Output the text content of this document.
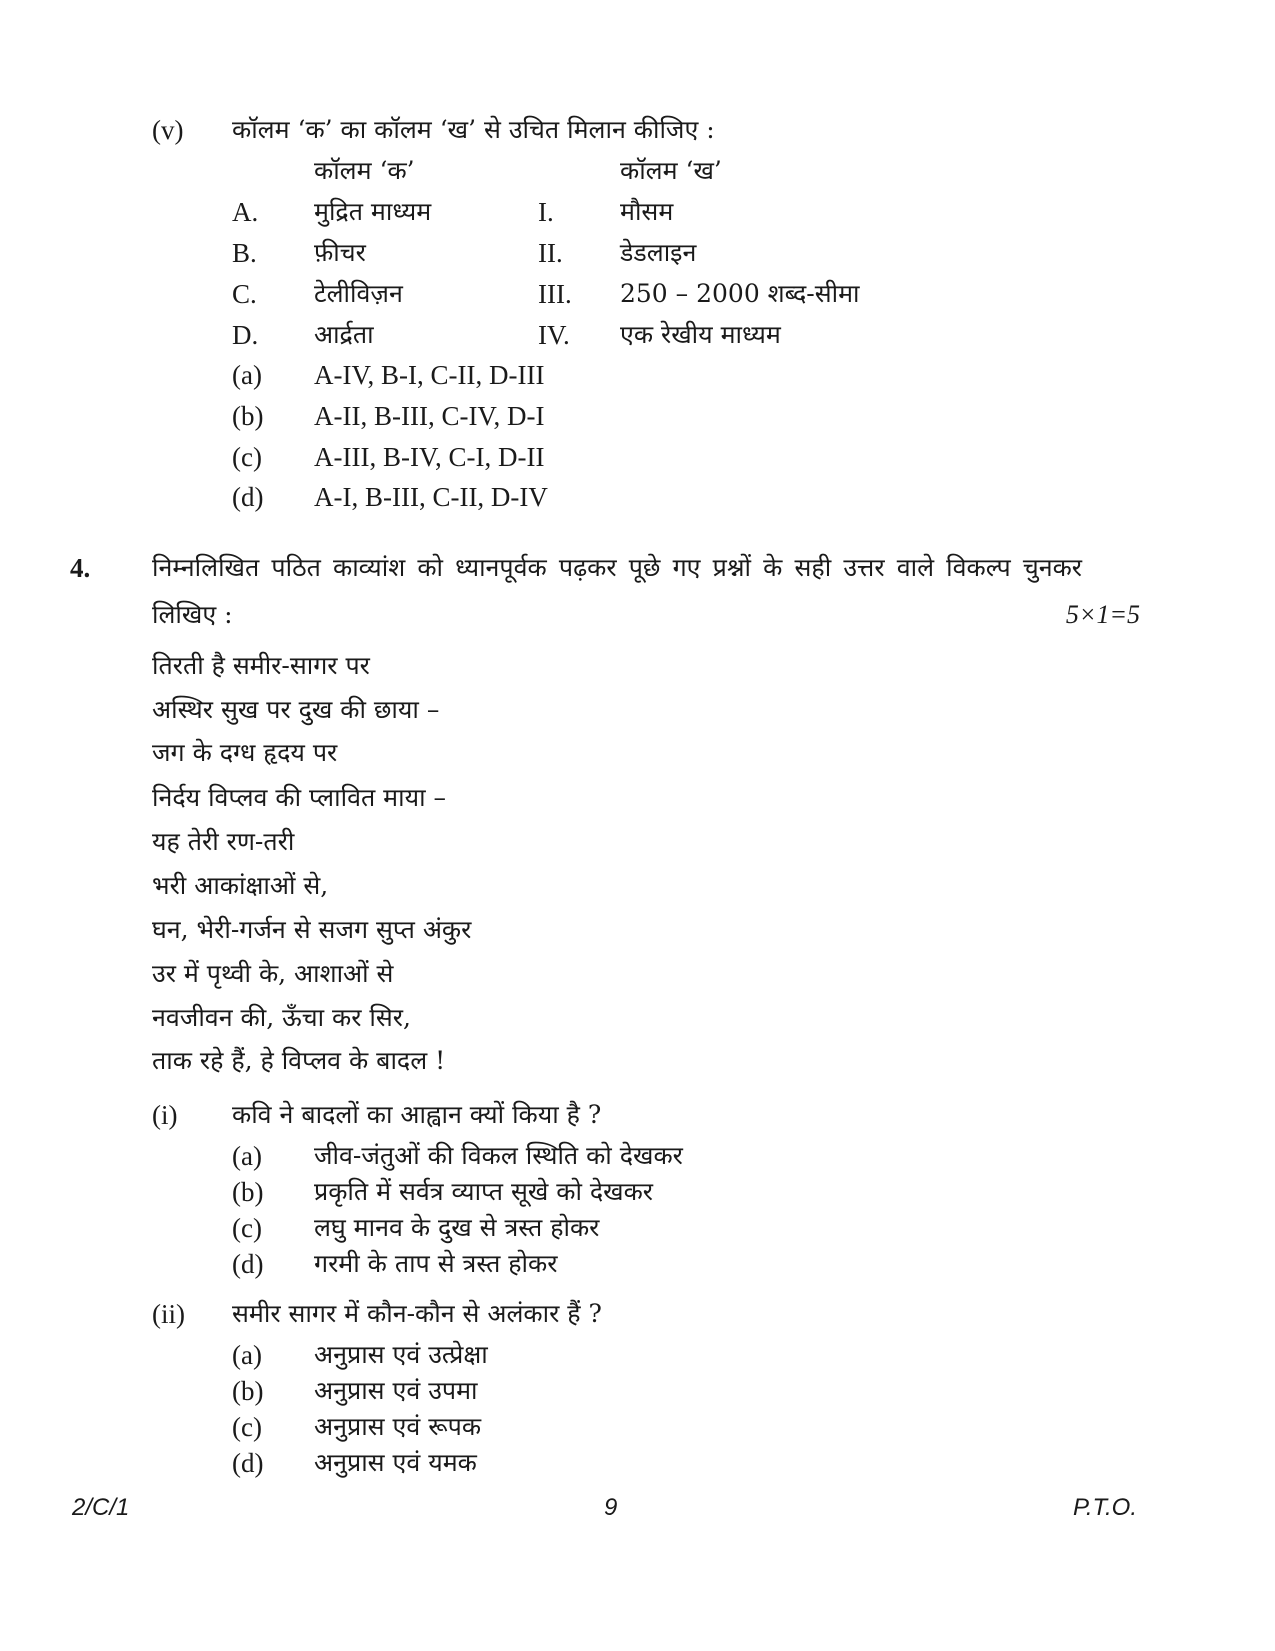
(v) कॉलम ‘क’ का कॉलम ‘ख’ से उचित मिलान कीजिए :
कॉलम ‘क’	कॉलम ‘ख’
A. मुद्रित माध्यम	I.	मौसम
B. फ़ीचर	II. डेडलाइन
C. टेलीविज़न	III. 250 – 2000 शब्द-सीमा
D. आर्द्रता	IV. एक रेखीय माध्यम
(a) A-IV, B-I, C-II, D-III
(b) A-II, B-III, C-IV, D-I
(c) A-III, B-IV, C-I, D-II
(d) A-I, B-III, C-II, D-IV
4. निम्नलिखित पठित काव्यांश को ध्यानपूर्वक पढ़कर पूछे गए प्रश्नों के सही उत्तर वाले विकल्प चुनकर
लिखिए :	5×1=5
तिरती है समीर-सागर पर
अस्थिर सुख पर दुख की छाया –
जग के दग्ध हृदय पर
निर्दय विप्लव की प्लावित माया –
यह तेरी रण-तरी
भरी आकांक्षाओं से,
घन, भेरी-गर्जन से सजग सुप्त अंकुर
उर में पृथ्वी के, आशाओं से
नवजीवन की, ऊँचा कर सिर,
ताक रहे हैं, हे विप्लव के बादल !
(i) कवि ने बादलों का आह्वान क्यों किया है ?
(a) जीव-जंतुओं की विकल स्थिति को देखकर
(b) प्रकृति में सर्वत्र व्याप्त सूखे को देखकर
(c) लघु मानव के दुख से त्रस्त होकर
(d) गरमी के ताप से त्रस्त होकर
(ii) समीर सागर में कौन-कौन से अलंकार हैं ?
(a) अनुप्रास एवं उत्प्रेक्षा
(b) अनुप्रास एवं उपमा
(c) अनुप्रास एवं रूपक
(d) अनुप्रास एवं यमक
2/C/1	9	P.T.O.
